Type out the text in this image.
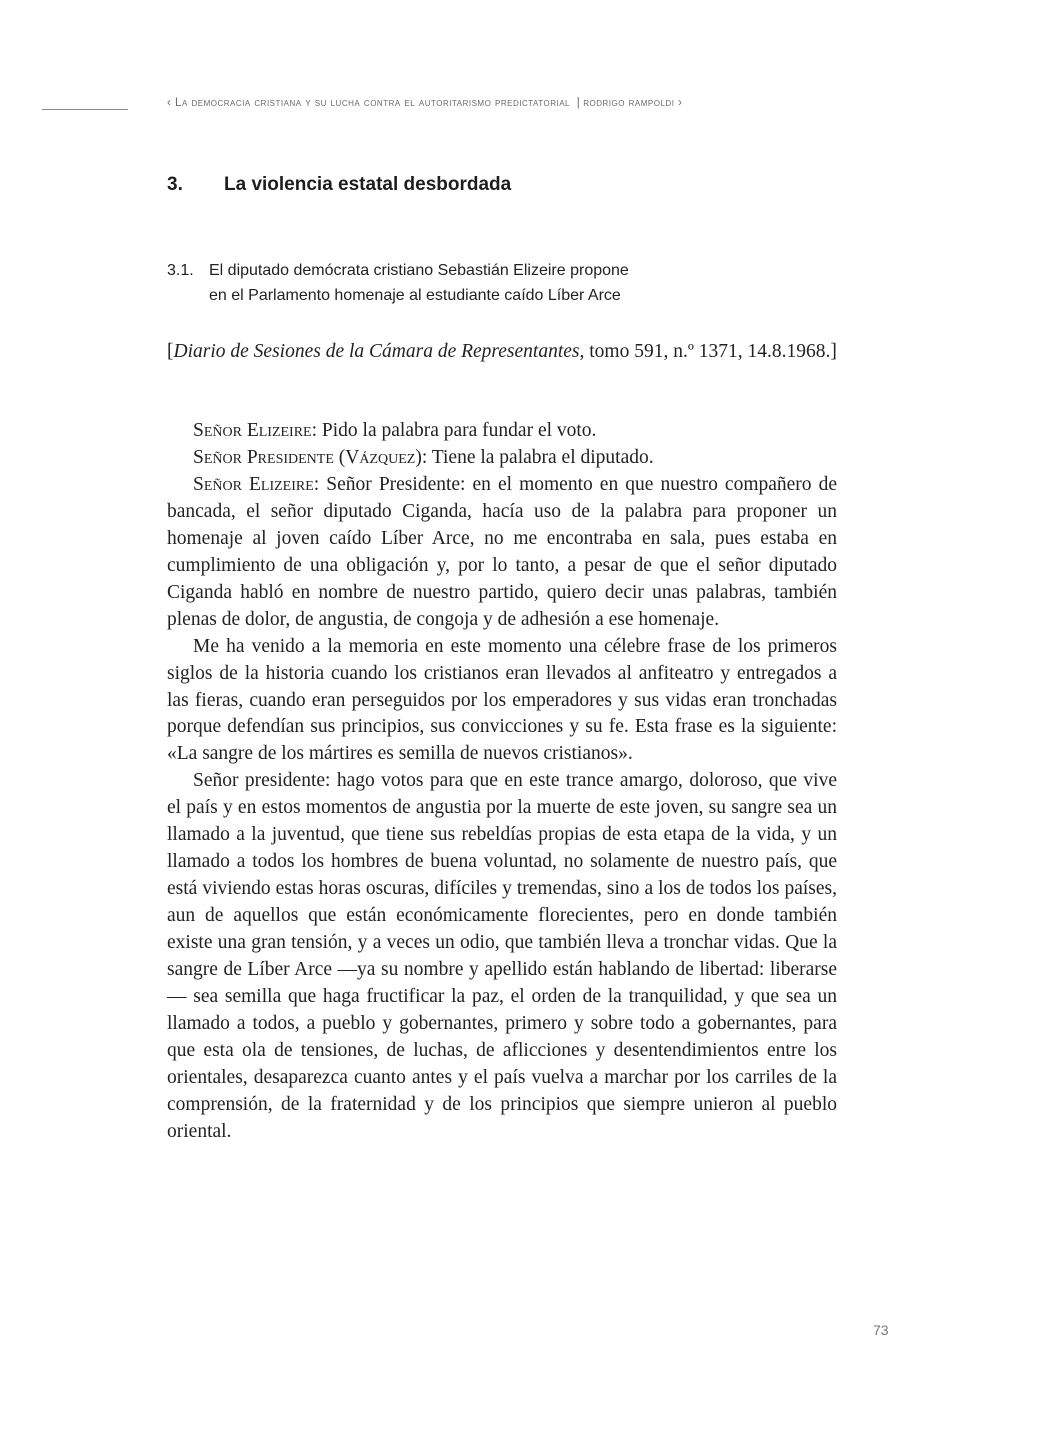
‹ La democracia cristiana y su lucha contra el autoritarismo predictatorial | rodrigo rampoldi ›
3. La violencia estatal desbordada
3.1. El diputado demócrata cristiano Sebastián Elizeire propone
en el Parlamento homenaje al estudiante caído Líber Arce
[Diario de Sesiones de la Cámara de Representantes, tomo 591, n.º 1371, 14.8.1968.]

Señor Elizeire: Pido la palabra para fundar el voto.

Señor Presidente (Vázquez): Tiene la palabra el diputado.

Señor Elizeire: Señor Presidente: en el momento en que nuestro compañero de bancada, el señor diputado Ciganda, hacía uso de la palabra para proponer un homenaje al joven caído Líber Arce, no me encontraba en sala, pues estaba en cumplimiento de una obligación y, por lo tanto, a pesar de que el señor diputado Ciganda habló en nombre de nuestro partido, quiero decir unas palabras, también plenas de dolor, de angustia, de congoja y de adhesión a ese homenaje.

Me ha venido a la memoria en este momento una célebre frase de los primeros siglos de la historia cuando los cristianos eran llevados al anfiteatro y entregados a las fieras, cuando eran perseguidos por los emperadores y sus vidas eran tronchadas porque defendían sus principios, sus convicciones y su fe. Esta frase es la siguiente: «La sangre de los mártires es semilla de nuevos cristianos».

Señor presidente: hago votos para que en este trance amargo, doloroso, que vive el país y en estos momentos de angustia por la muerte de este joven, su sangre sea un llamado a la juventud, que tiene sus rebeldías propias de esta etapa de la vida, y un llamado a todos los hombres de buena voluntad, no solamente de nuestro país, que está viviendo estas horas oscuras, difíciles y tremendas, sino a los de todos los países, aun de aquellos que están económicamente florecientes, pero en donde también existe una gran tensión, y a veces un odio, que también lleva a tronchar vidas. Que la sangre de Líber Arce —ya su nombre y apellido están hablando de libertad: liberarse— sea semilla que haga fructificar la paz, el orden de la tranquilidad, y que sea un llamado a todos, a pueblo y gobernantes, primero y sobre todo a gobernantes, para que esta ola de tensiones, de luchas, de aflicciones y desentendimientos entre los orientales, desaparezca cuanto antes y el país vuelva a marchar por los carriles de la comprensión, de la fraternidad y de los principios que siempre unieron al pueblo oriental.

73
